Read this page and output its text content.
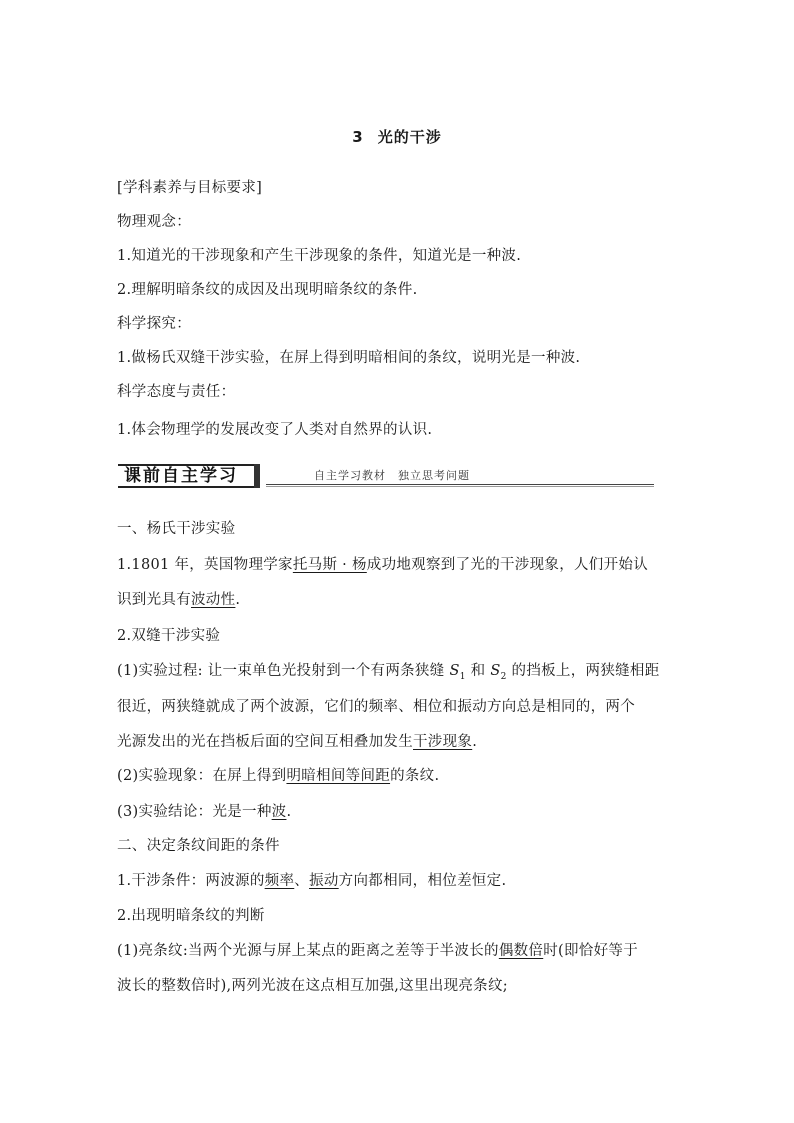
3 光的干涉
[学科素养与目标要求]
物理观念：
1.知道光的干涉现象和产生干涉现象的条件，知道光是一种波.
2.理解明暗条纹的成因及出现明暗条纹的条件.
科学探究：
1.做杨氏双缝干涉实验，在屏上得到明暗相间的条纹，说明光是一种波.
科学态度与责任：
1.体会物理学的发展改变了人类对自然界的认识.
课前自主学习	自主学习教材 独立思考问题
一、杨氏干涉实验
1.1801 年，英国物理学家托马斯 · 杨成功地观察到了光的干涉现象，人们开始认
识到光具有波动性.
2.双缝干涉实验
(1)实验过程: 让一束单色光投射到一个有两条狭缝 $S_1$ 和 $S_2$ 的挡板上，两狭缝相距
很近，两狭缝就成了两个波源，它们的频率、相位和振动方向总是相同的，两个
光源发出的光在挡板后面的空间互相叠加发生干涉现象.
(2)实验现象：在屏上得到明暗相间等间距的条纹.
(3)实验结论：光是一种波.
二、决定条纹间距的条件
1.干涉条件：两波源的频率、振动方向都相同，相位差恒定.
2.出现明暗条纹的判断
(1)亮条纹:当两个光源与屏上某点的距离之差等于半波长的偶数倍时(即恰好等于
波长的整数倍时),两列光波在这点相互加强,这里出现亮条纹;
